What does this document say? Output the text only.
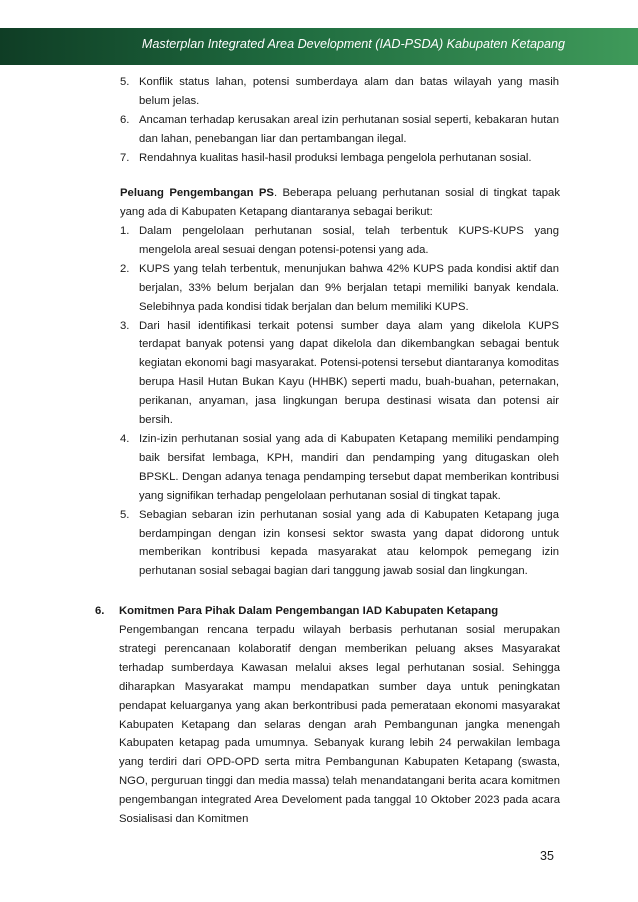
Masterplan Integrated Area Development (IAD-PSDA) Kabupaten Ketapang
5. Konflik status lahan, potensi sumberdaya alam dan batas wilayah yang masih belum jelas.
6. Ancaman terhadap kerusakan areal izin perhutanan sosial seperti, kebakaran hutan dan lahan, penebangan liar dan pertambangan ilegal.
7. Rendahnya kualitas hasil-hasil produksi lembaga pengelola perhutanan sosial.
Peluang Pengembangan PS. Beberapa peluang perhutanan sosial di tingkat tapak yang ada di Kabupaten Ketapang diantaranya sebagai berikut:
1. Dalam pengelolaan perhutanan sosial, telah terbentuk KUPS-KUPS yang mengelola areal sesuai dengan potensi-potensi yang ada.
2. KUPS yang telah terbentuk, menunjukan bahwa 42% KUPS pada kondisi aktif dan berjalan, 33% belum berjalan dan 9% berjalan tetapi memiliki banyak kendala. Selebihnya pada kondisi tidak berjalan dan belum memiliki KUPS.
3. Dari hasil identifikasi terkait potensi sumber daya alam yang dikelola KUPS terdapat banyak potensi yang dapat dikelola dan dikembangkan sebagai bentuk kegiatan ekonomi bagi masyarakat. Potensi-potensi tersebut diantaranya komoditas berupa Hasil Hutan Bukan Kayu (HHBK) seperti madu, buah-buahan, peternakan, perikanan, anyaman, jasa lingkungan berupa destinasi wisata dan potensi air bersih.
4. Izin-izin perhutanan sosial yang ada di Kabupaten Ketapang memiliki pendamping baik bersifat lembaga, KPH, mandiri dan pendamping yang ditugaskan oleh BPSKL. Dengan adanya tenaga pendamping tersebut dapat memberikan kontribusi yang signifikan terhadap pengelolaan perhutanan sosial di tingkat tapak.
5. Sebagian sebaran izin perhutanan sosial yang ada di Kabupaten Ketapang juga berdampingan dengan izin konsesi sektor swasta yang dapat didorong untuk memberikan kontribusi kepada masyarakat atau kelompok pemegang izin perhutanan sosial sebagai bagian dari tanggung jawab sosial dan lingkungan.
6. Komitmen Para Pihak Dalam Pengembangan IAD Kabupaten Ketapang
Pengembangan rencana terpadu wilayah berbasis perhutanan sosial merupakan strategi perencanaan kolaboratif dengan memberikan peluang akses Masyarakat terhadap sumberdaya Kawasan melalui akses legal perhutanan sosial. Sehingga diharapkan Masyarakat mampu mendapatkan sumber daya untuk peningkatan pendapat keluarganya yang akan berkontribusi pada pemerataan ekonomi masyarakat Kabupaten Ketapang dan selaras dengan arah Pembangunan jangka menengah Kabupaten ketapag pada umumnya. Sebanyak kurang lebih 24 perwakilan lembaga yang terdiri dari OPD-OPD serta mitra Pembangunan Kabupaten Ketapang (swasta, NGO, perguruan tinggi dan media massa) telah menandatangani berita acara komitmen pengembangan integrated Area Develoment pada tanggal 10 Oktober 2023 pada acara Sosialisasi dan Komitmen
35
